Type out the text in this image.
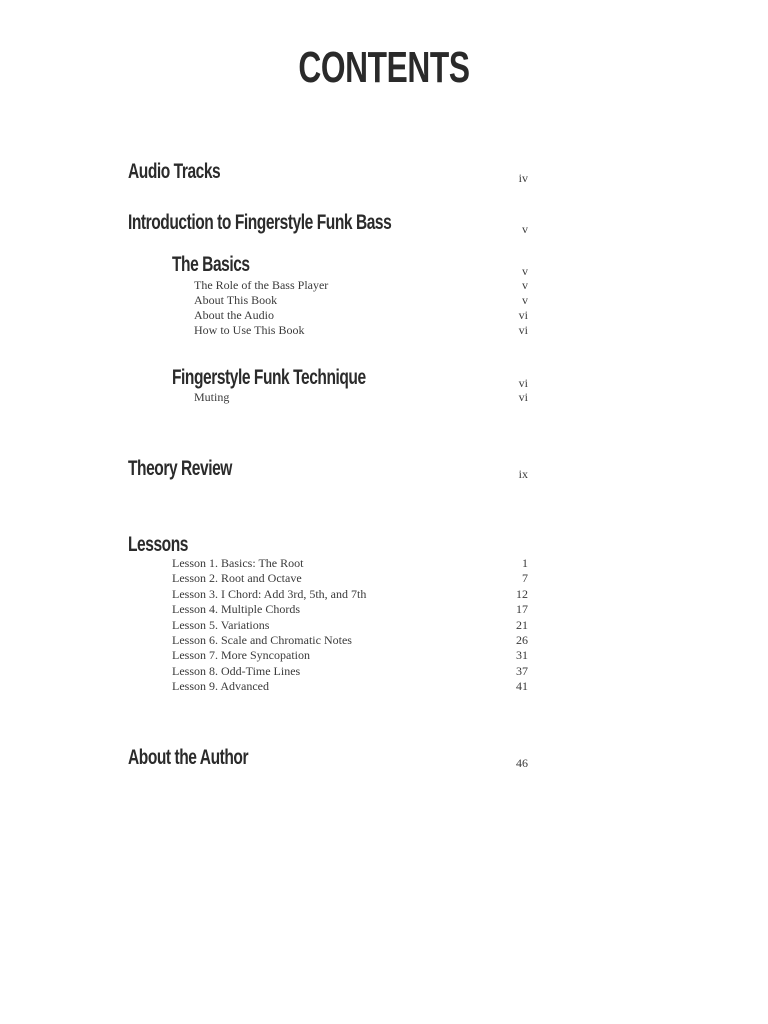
CONTENTS
Audio Tracks	iv
Introduction to Fingerstyle Funk Bass	v
The Basics	v
The Role of the Bass Player	v
About This Book	v
About the Audio	vi
How to Use This Book	vi
Fingerstyle Funk Technique	vi
Muting	vi
Theory Review	ix
Lessons
Lesson 1. Basics: The Root	1
Lesson 2. Root and Octave	7
Lesson 3. I Chord: Add 3rd, 5th, and 7th	12
Lesson 4. Multiple Chords	17
Lesson 5. Variations	21
Lesson 6. Scale and Chromatic Notes	26
Lesson 7. More Syncopation	31
Lesson 8. Odd-Time Lines	37
Lesson 9. Advanced	41
About the Author	46
